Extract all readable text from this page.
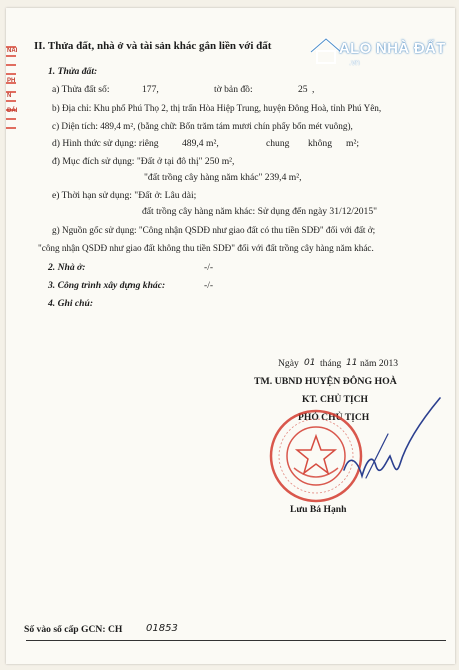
NAI
PH
N
ĐÁI
ALO NHÀ ĐẤT
.vn
II. Thửa đất, nhà ở và tài sản khác gắn liền với đất
1. Thửa đất:
a) Thửa đất số:	177,	tờ bản đồ:	25 ,
b) Địa chỉ: Khu phố Phú Thọ 2, thị trấn Hòa Hiệp Trung, huyện Đông Hoà, tỉnh Phú Yên,
c) Diện tích: 489,4 m², (bằng chữ: Bốn trăm tám mươi chín phẩy bốn mét vuông),
d) Hình thức sử dụng: riêng 489,4 m²,	chung không m²;
đ) Mục đích sử dụng: "Đất ở tại đô thị" 250 m²,
"đất trồng cây hàng năm khác" 239,4 m²,
e) Thời hạn sử dụng: "Đất ở: Lâu dài;
đất trồng cây hàng năm khác: Sử dụng đến ngày 31/12/2015"
g) Nguồn gốc sử dụng: "Công nhận QSDĐ như giao đất có thu tiền SDĐ" đối với đất ở;
"công nhận QSDĐ như giao đất không thu tiền SDĐ" đối với đất trồng cây hàng năm khác.
2. Nhà ở:	-/-
3. Công trình xây dựng khác:	-/-
4. Ghi chú:
Ngày 01 tháng 11 năm 2013
TM. UBND HUYỆN ĐÔNG HOÀ
KT. CHỦ TỊCH
PHÓ CHỦ TỊCH
Lưu Bá Hạnh
Số vào sổ cấp GCN: CH 01853
